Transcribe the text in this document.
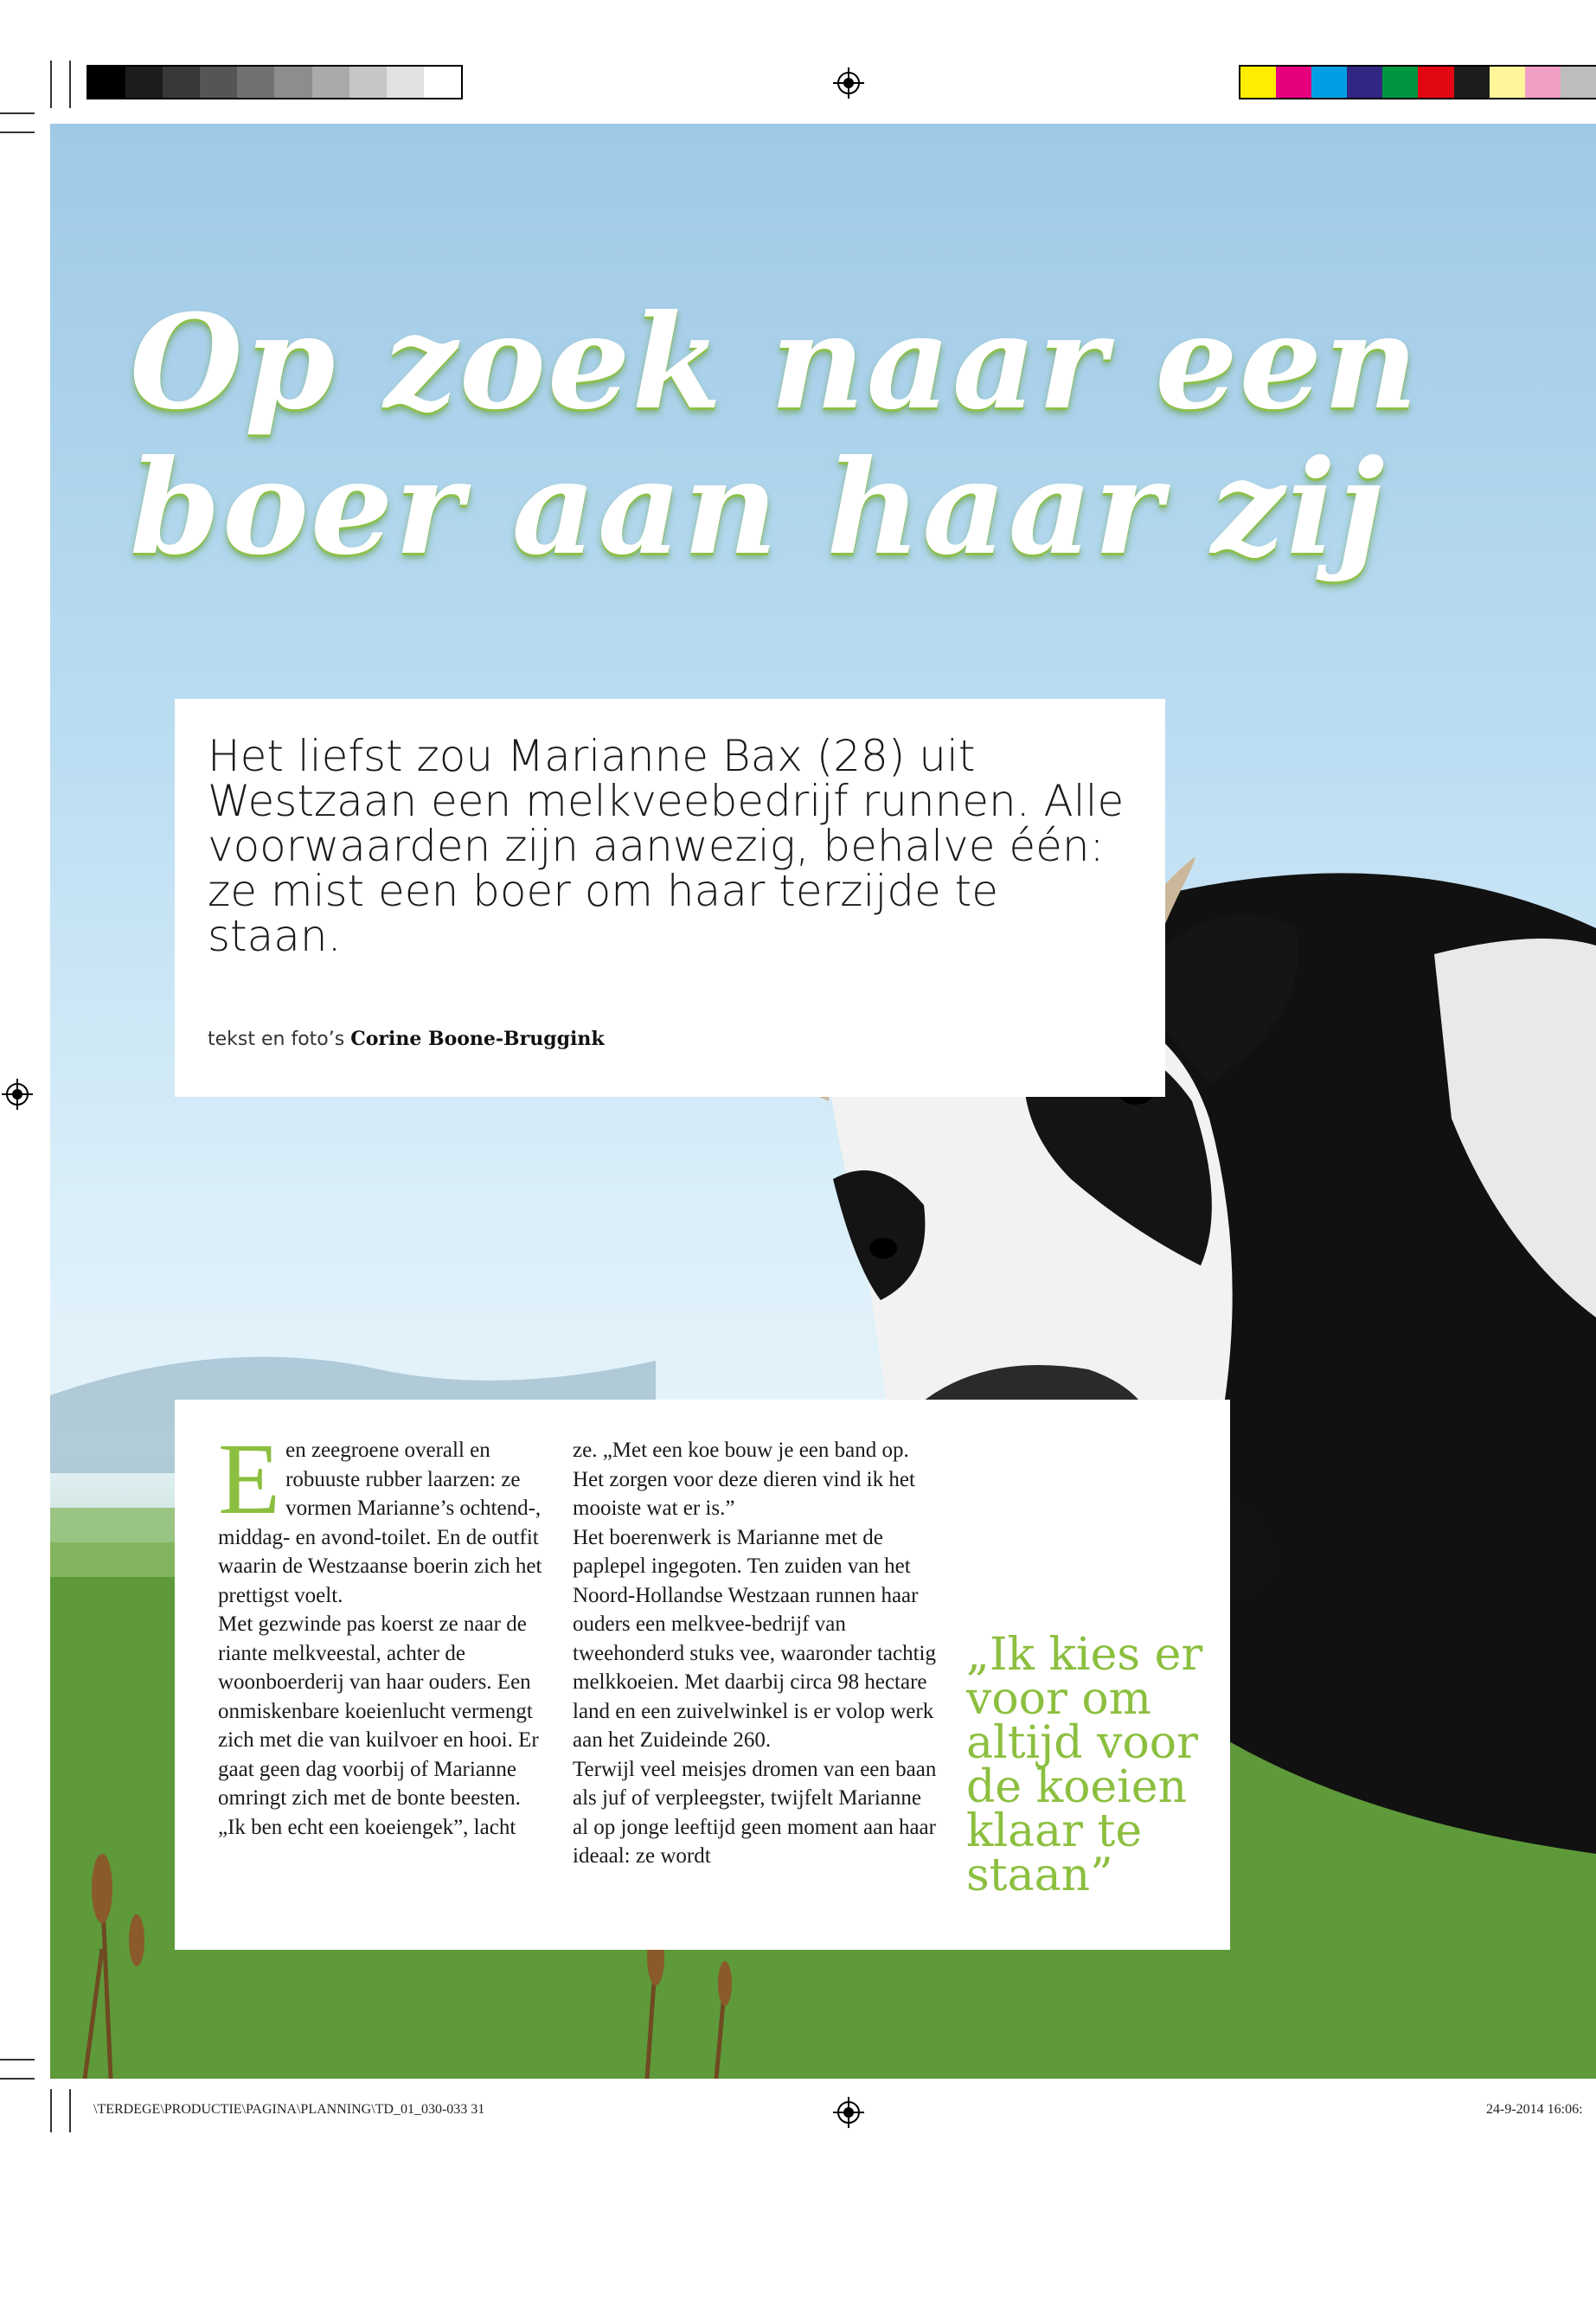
Op zoek naar een
boer aan haar zij
Het liefst zou Marianne Bax (28) uit Westzaan een melkveebedrijf runnen. Alle voorwaarden zijn aanwezig, behalve één: ze mist een boer om haar terzijde te staan.
tekst en foto’s Corine Boone-Bruggink

Een zeegroene overall en robuuste rubber laarzen: ze vormen Marianne’s ochtend-, middag- en avond-toilet. En de outfit waarin de Westzaanse boerin zich het prettigst voelt.

Met gezwinde pas koerst ze naar de riante melkveestal, achter de woonboerderij van haar ouders. Een onmiskenbare koeienlucht vermengt zich met die van kuilvoer en hooi. Er gaat geen dag voorbij of Marianne omringt zich met de bonte beesten. „Ik ben echt een koeiengek”, lacht

ze. „Met een koe bouw je een band op. Het zorgen voor deze dieren vind ik het mooiste wat er is.”

Het boerenwerk is Marianne met de paplepel ingegoten. Ten zuiden van het Noord-Hollandse Westzaan runnen haar ouders een melkvee-bedrijf van tweehonderd stuks vee, waaronder tachtig melkkoeien. Met daarbij circa 98 hectare land en een zuivelwinkel is er volop werk aan het Zuideinde 260.

Terwijl veel meisjes dromen van een baan als juf of verpleegster, twijfelt Marianne al op jonge leeftijd geen moment aan haar ideaal: ze wordt

„Ik kies er voor om altijd voor de koeien klaar te staan”
\TERDEGE\PRODUCTIE\PAGINA\PLANNING\TD_01_030-033 31	24-9-2014 16:06:
